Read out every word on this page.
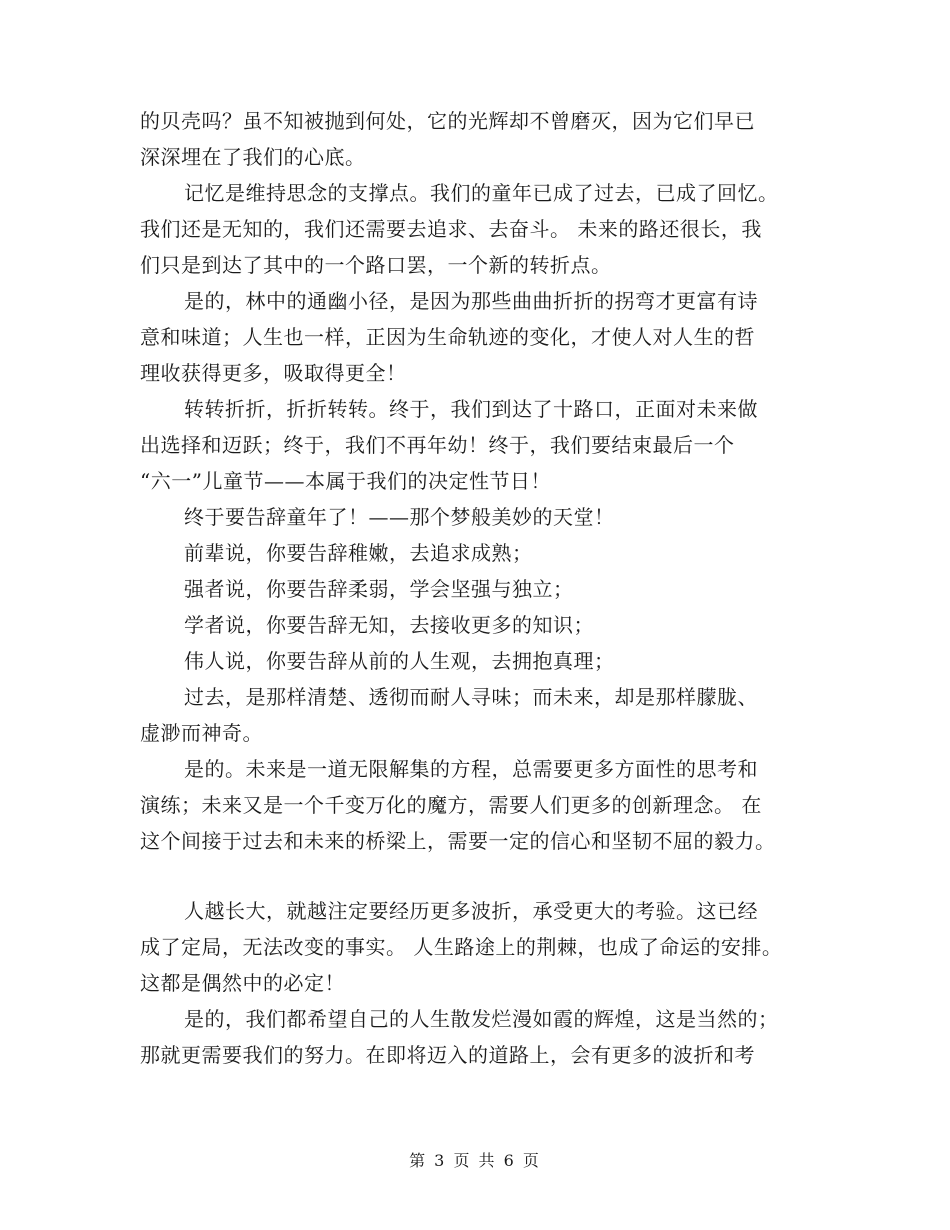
的贝壳吗？虽不知被抛到何处，它的光辉却不曾磨灭，因为它们早已
深深埋在了我们的心底。
记忆是维持思念的支撑点。我们的童年已成了过去，已成了回忆。
我们还是无知的，我们还需要去追求、去奋斗。 未来的路还很长，我
们只是到达了其中的一个路口罢，一个新的转折点。
是的，林中的通幽小径，是因为那些曲曲折折的拐弯才更富有诗
意和味道；人生也一样，正因为生命轨迹的变化，才使人对人生的哲
理收获得更多，吸取得更全！
转转折折，折折转转。终于，我们到达了十路口，正面对未来做
出选择和迈跃；终于，我们不再年幼！终于，我们要结束最后一个
“六一”儿童节——本属于我们的决定性节日！
终于要告辞童年了！——那个梦般美妙的天堂！
前辈说，你要告辞稚嫩，去追求成熟；
强者说，你要告辞柔弱，学会坚强与独立；
学者说，你要告辞无知，去接收更多的知识；
伟人说，你要告辞从前的人生观，去拥抱真理；
过去，是那样清楚、透彻而耐人寻味；而未来，却是那样朦胧、
虚渺而神奇。
是的。未来是一道无限解集的方程，总需要更多方面性的思考和
演练；未来又是一个千变万化的魔方，需要人们更多的创新理念。 在
这个间接于过去和未来的桥梁上，需要一定的信心和坚韧不屈的毅力。
人越长大，就越注定要经历更多波折，承受更大的考验。这已经
成了定局，无法改变的事实。 人生路途上的荆棘，也成了命运的安排。
这都是偶然中的必定！
是的，我们都希望自己的人生散发烂漫如霞的辉煌，这是当然的；
那就更需要我们的努力。在即将迈入的道路上，会有更多的波折和考
第 3 页 共 6 页
